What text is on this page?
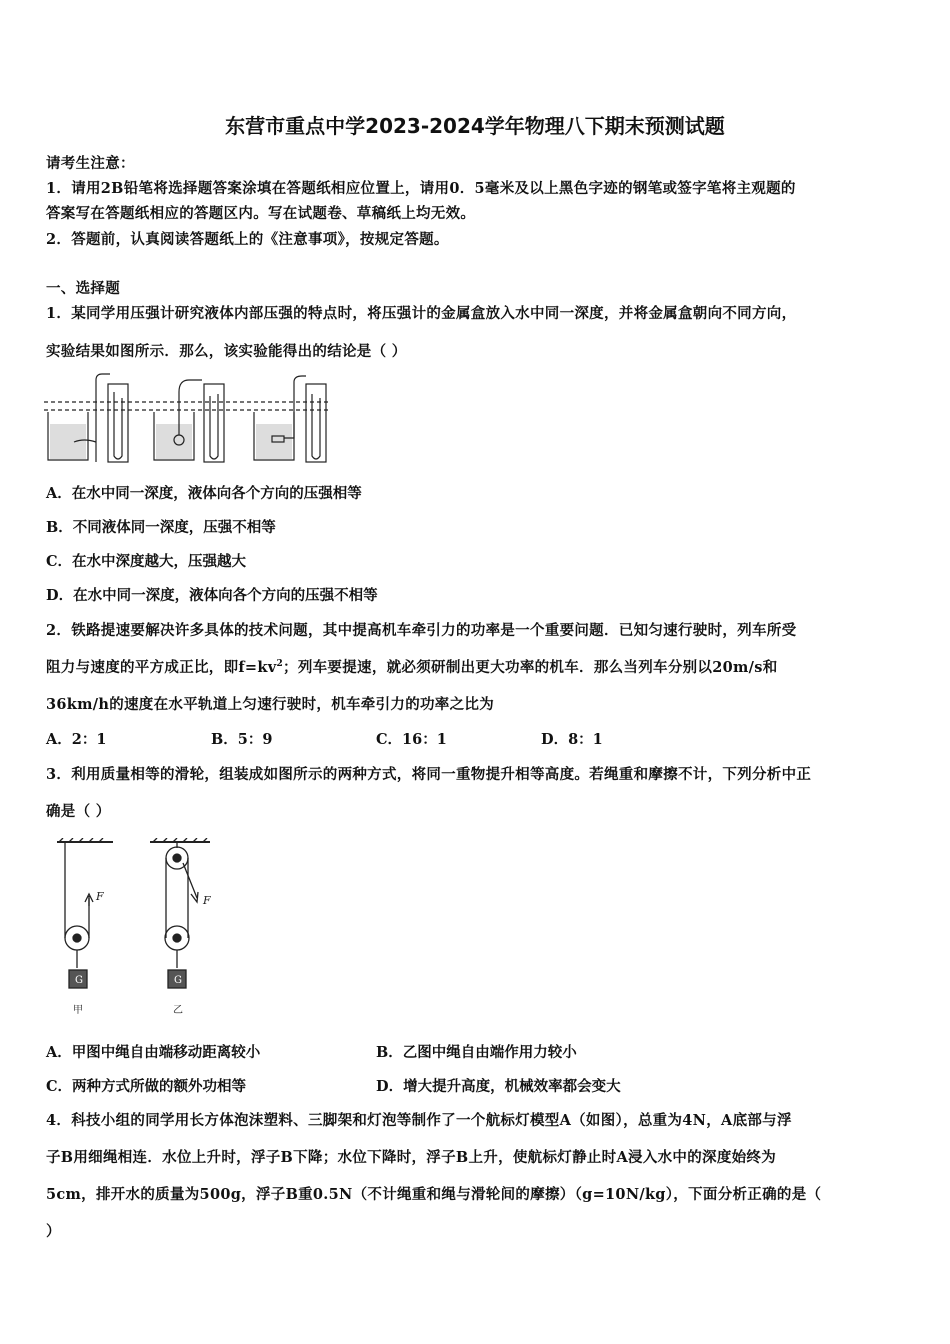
东营市重点中学2023-2024学年物理八下期末预测试题
请考生注意：
1．请用2B铅笔将选择题答案涂填在答题纸相应位置上，请用0．5毫米及以上黑色字迹的钢笔或签字笔将主观题的
答案写在答题纸相应的答题区内。写在试题卷、草稿纸上均无效。
2．答题前，认真阅读答题纸上的《注意事项》，按规定答题。
一、选择题
1．某同学用压强计研究液体内部压强的特点时，将压强计的金属盒放入水中同一深度，并将金属盒朝向不同方向，
实验结果如图所示．那么，该实验能得出的结论是（ ）
A．在水中同一深度，液体向各个方向的压强相等
B．不同液体同一深度，压强不相等
C．在水中深度越大，压强越大
D．在水中同一深度，液体向各个方向的压强不相等
2．铁路提速要解决许多具体的技术问题，其中提高机车牵引力的功率是一个重要问题．已知匀速行驶时，列车所受
阻力与速度的平方成正比，即$f=kv^2$；列车要提速，就必须研制出更大功率的机车．那么当列车分别以20m/s和
36km/h的速度在水平轨道上匀速行驶时，机车牵引力的功率之比为
A．2：1	B．5：9	C．16：1	D．8：1
3．利用质量相等的滑轮，组装成如图所示的两种方式，将同一重物提升相等高度。若绳重和摩擦不计，下列分析中正
确是（ ）
F
G
甲
F
G
乙
A．甲图中绳自由端移动距离较小	B．乙图中绳自由端作用力较小
C．两种方式所做的额外功相等	D．增大提升高度，机械效率都会变大
4．科技小组的同学用长方体泡沫塑料、三脚架和灯泡等制作了一个航标灯模型A（如图），总重为4N，A底部与浮
子B用细绳相连．水位上升时，浮子B下降；水位下降时，浮子B上升，使航标灯静止时A浸入水中的深度始终为
5cm，排开水的质量为500g，浮子B重0.5N（不计绳重和绳与滑轮间的摩擦）（g=10N/kg），下面分析正确的是（
）
